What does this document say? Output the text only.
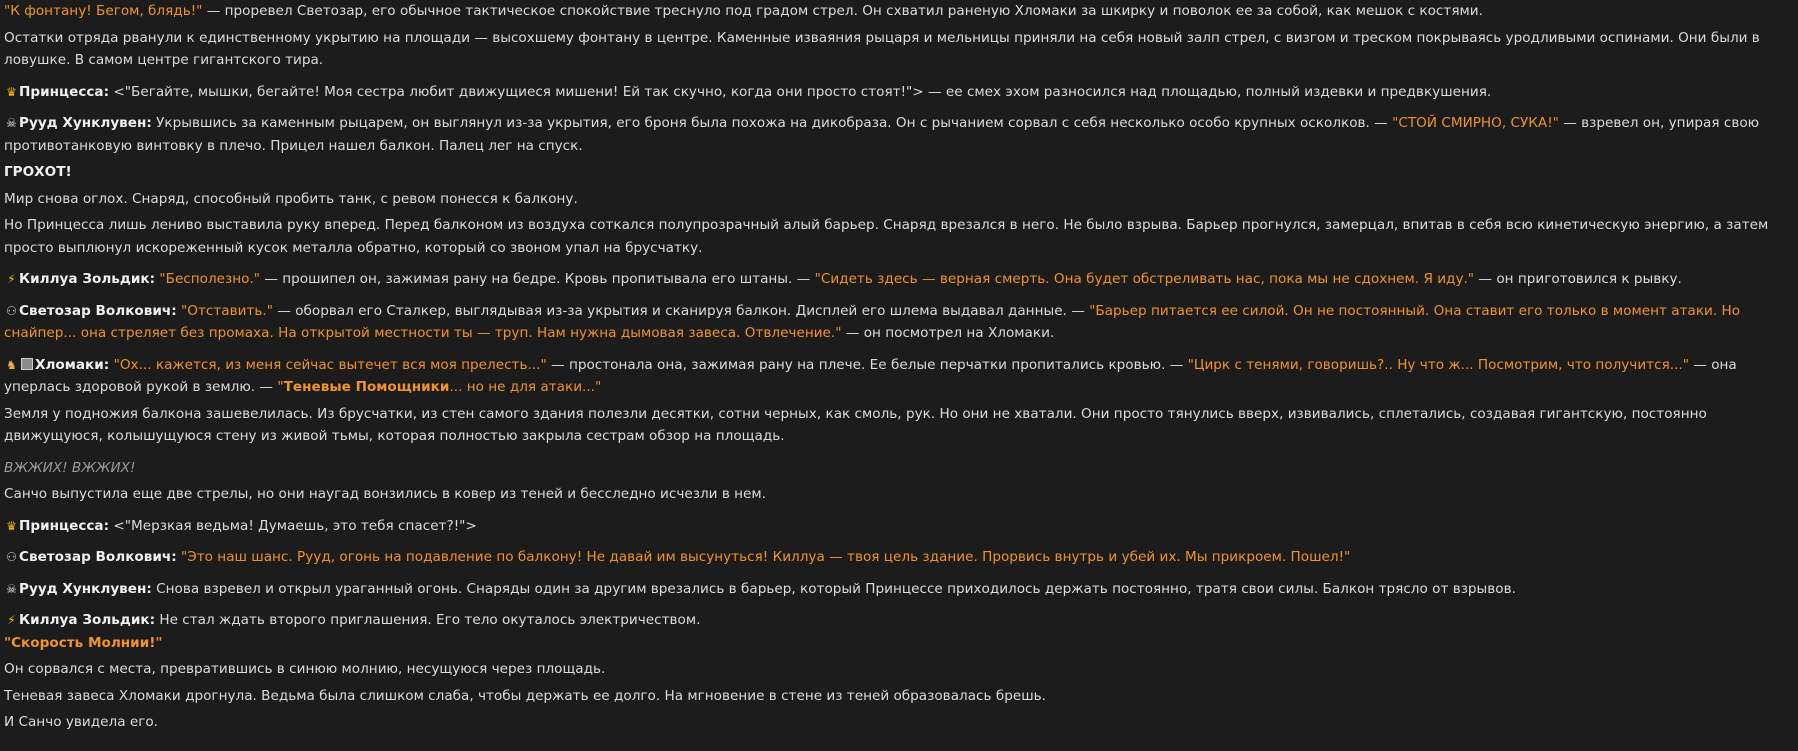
"К фонтану! Бегом, блядь!" — проревел Светозар, его обычное тактическое спокойствие треснуло под градом стрел. Он схватил раненую Хломаки за шкирку и поволок ее за собой, как мешок с костями.

Остатки отряда рванули к единственному укрытию на площади — высохшему фонтану в центре. Каменные изваяния рыцаря и мельницы приняли на себя новый залп стрел, с визгом и треском покрываясь уродливыми оспинами. Они были в ловушке. В самом центре гигантского тира.

♛ Принцесса: <"Бегайте, мышки, бегайте! Моя сестра любит движущиеся мишени! Ей так скучно, когда они просто стоят!"> — ее смех эхом разносился над площадью, полный издевки и предвкушения.

☠ Рууд Хунклувен: Укрывшись за каменным рыцарем, он выглянул из-за укрытия, его броня была похожа на дикобраза. Он с рычанием сорвал с себя несколько особо крупных осколков. — "СТОЙ СМИРНО, СУКА!" — взревел он, упирая свою противотанковую винтовку в плечо. Прицел нашел балкон. Палец лег на спуск.

ГРОХОТ!

Мир снова оглох. Снаряд, способный пробить танк, с ревом понесся к балкону.

Но Принцесса лишь лениво выставила руку вперед. Перед балконом из воздуха соткался полупрозрачный алый барьер. Снаряд врезался в него. Не было взрыва. Барьер прогнулся, замерцал, впитав в себя всю кинетическую энергию, а затем просто выплюнул искореженный кусок металла обратно, который со звоном упал на брусчатку.

⚡ Киллуа Зольдик: "Бесполезно." — прошипел он, зажимая рану на бедре. Кровь пропитывала его штаны. — "Сидеть здесь — верная смерть. Она будет обстреливать нас, пока мы не сдохнем. Я иду." — он приготовился к рывку.

⚇ Светозар Волкович: "Отставить." — оборвал его Сталкер, выглядывая из-за укрытия и сканируя балкон. Дисплей его шлема выдавал данные. — "Барьер питается ее силой. Он не постоянный. Она ставит его только в момент атаки. Но снайпер... она стреляет без промаха. На открытой местности ты — труп. Нам нужна дымовая завеса. Отвлечение." — он посмотрел на Хломаки.

♞ Хломаки: "Ох... кажется, из меня сейчас вытечет вся моя прелесть..." — простонала она, зажимая рану на плече. Ее белые перчатки пропитались кровью. — "Цирк с тенями, говоришь?.. Ну что ж... Посмотрим, что получится..." — она уперлась здоровой рукой в землю. — "Теневые Помощники... но не для атаки..."

Земля у подножия балкона зашевелилась. Из брусчатки, из стен самого здания полезли десятки, сотни черных, как смоль, рук. Но они не хватали. Они просто тянулись вверх, извивались, сплетались, создавая гигантскую, постоянно движущуюся, колышущуюся стену из живой тьмы, которая полностью закрыла сестрам обзор на площадь.

ВЖЖИХ! ВЖЖИХ!

Санчо выпустила еще две стрелы, но они наугад вонзились в ковер из теней и бесследно исчезли в нем.

♛ Принцесса: <"Мерзкая ведьма! Думаешь, это тебя спасет?!">

⚇ Светозар Волкович: "Это наш шанс. Рууд, огонь на подавление по балкону! Не давай им высунуться! Киллуа — твоя цель здание. Прорвись внутрь и убей их. Мы прикроем. Пошел!"

☠ Рууд Хунклувен: Снова взревел и открыл ураганный огонь. Снаряды один за другим врезались в барьер, который Принцессе приходилось держать постоянно, тратя свои силы. Балкон трясло от взрывов.

⚡ Киллуа Зольдик: Не стал ждать второго приглашения. Его тело окуталось электричеством.

"Скорость Молнии!"

Он сорвался с места, превратившись в синюю молнию, несущуюся через площадь.

Теневая завеса Хломаки дрогнула. Ведьма была слишком слаба, чтобы держать ее долго. На мгновение в стене из теней образовалась брешь.

И Санчо увидела его.
